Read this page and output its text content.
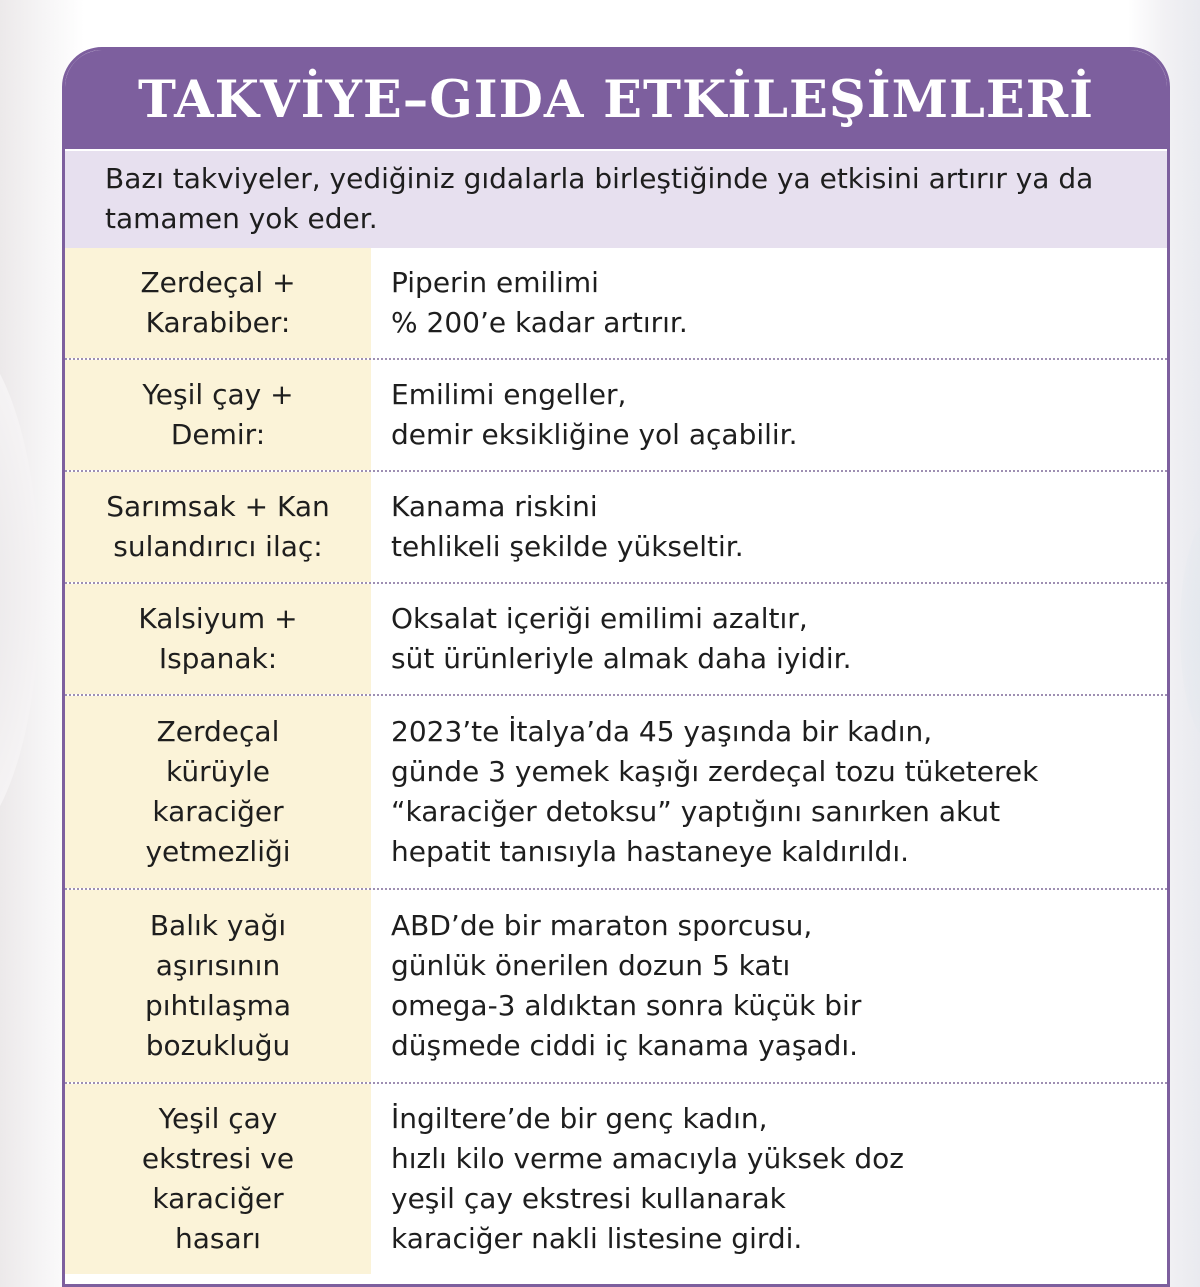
TAKVİYE–GIDA ETKİLEŞİMLERİ

Bazı takviyeler, yediğiniz gıdalarla birleştiğinde ya etkisini artırır ya da tamamen yok eder.

Zerdeçal +
Karabiber:

Piperin emilimi
% 200’e kadar artırır.

Yeşil çay +
Demir:

Emilimi engeller,
demir eksikliğine yol açabilir.

Sarımsak + Kan
sulandırıcı ilaç:

Kanama riskini
tehlikeli şekilde yükseltir.

Kalsiyum +
Ispanak:

Oksalat içeriği emilimi azaltır,
süt ürünleriyle almak daha iyidir.

Zerdeçal
kürüyle
karaciğer
yetmezliği

2023’te İtalya’da 45 yaşında bir kadın,
günde 3 yemek kaşığı zerdeçal tozu tüketerek
“karaciğer detoksu” yaptığını sanırken akut
hepatit tanısıyla hastaneye kaldırıldı.

Balık yağı
aşırısının
pıhtılaşma
bozukluğu

ABD’de bir maraton sporcusu,
günlük önerilen dozun 5 katı
omega-3 aldıktan sonra küçük bir
düşmede ciddi iç kanama yaşadı.

Yeşil çay
ekstresi ve
karaciğer
hasarı

İngiltere’de bir genç kadın,
hızlı kilo verme amacıyla yüksek doz
yeşil çay ekstresi kullanarak
karaciğer nakli listesine girdi.
